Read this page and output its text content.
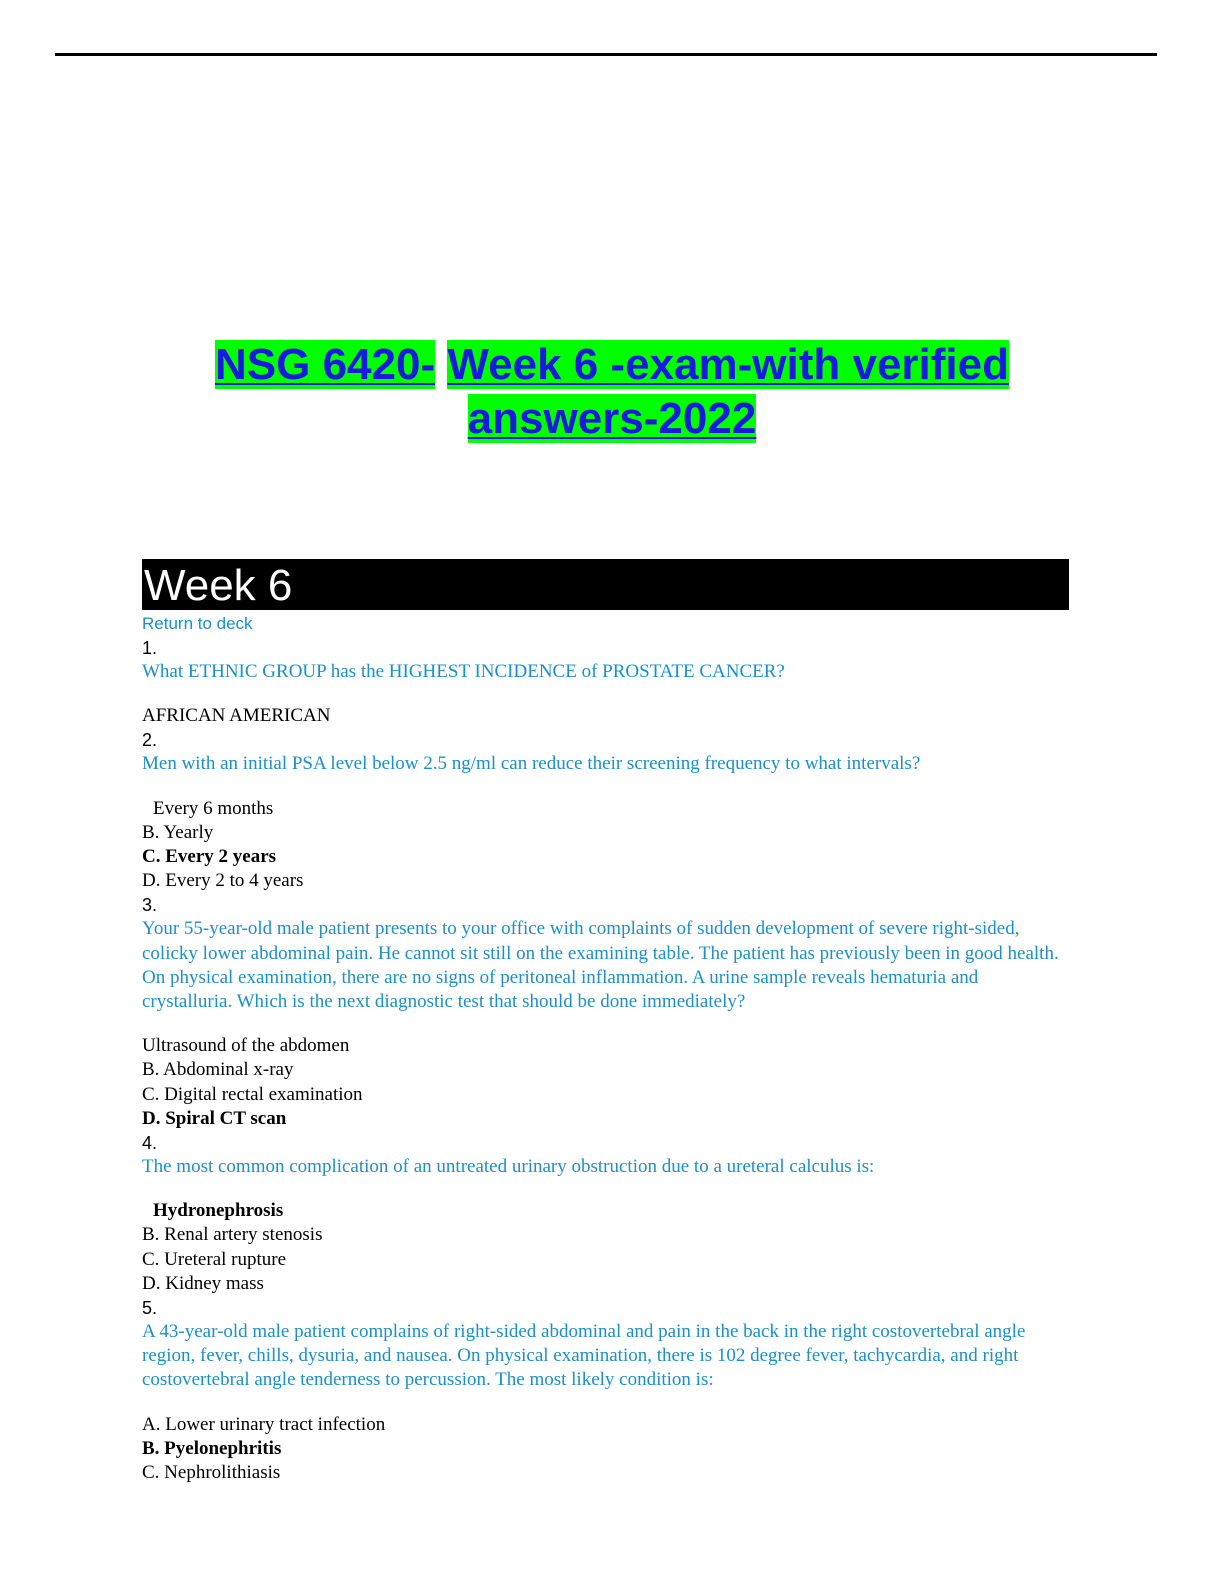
NSG 6420- Week 6 -exam-with verified
answers-2022
Week 6
Return to deck
1.
What ETHNIC GROUP has the HIGHEST INCIDENCE of PROSTATE CANCER?
AFRICAN AMERICAN
2.
Men with an initial PSA level below 2.5 ng/ml can reduce their screening frequency to what intervals?
Every 6 months
B. Yearly
C. Every 2 years
D. Every 2 to 4 years
3.
Your 55-year-old male patient presents to your office with complaints of sudden development of severe right-sided, colicky lower abdominal pain. He cannot sit still on the examining table. The patient has previously been in good health. On physical examination, there are no signs of peritoneal inflammation. A urine sample reveals hematuria and crystalluria. Which is the next diagnostic test that should be done immediately?
Ultrasound of the abdomen
B. Abdominal x-ray
C. Digital rectal examination
D. Spiral CT scan
4.
The most common complication of an untreated urinary obstruction due to a ureteral calculus is:
Hydronephrosis
B. Renal artery stenosis
C. Ureteral rupture
D. Kidney mass
5.
A 43-year-old male patient complains of right-sided abdominal and pain in the back in the right costovertebral angle region, fever, chills, dysuria, and nausea. On physical examination, there is 102 degree fever, tachycardia, and right costovertebral angle tenderness to percussion. The most likely condition is:
A. Lower urinary tract infection
B. Pyelonephritis
C. Nephrolithiasis
